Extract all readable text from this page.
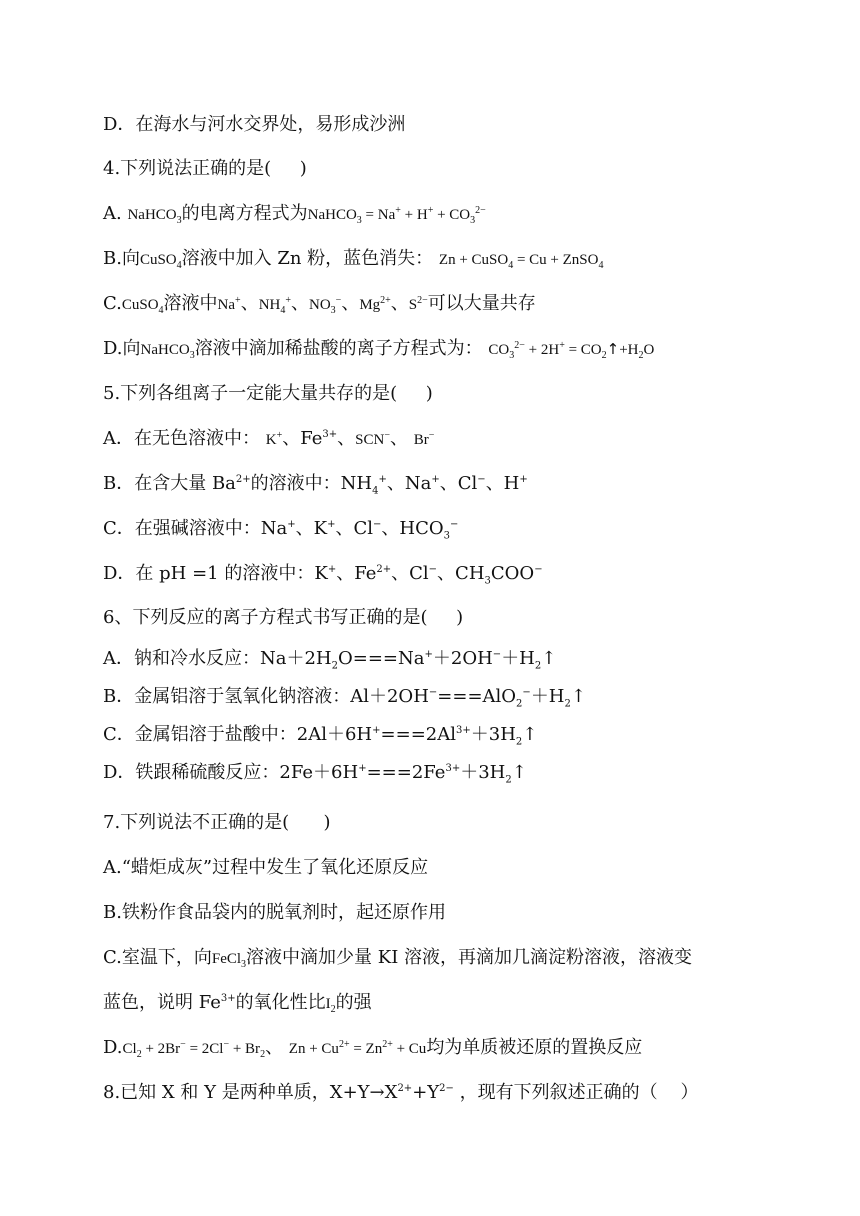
D．在海水与河水交界处，易形成沙洲
4.下列说法正确的是(     )
A. NaHCO$_3$的电离方程式为NaHCO$_3$ = $Na^+ + H^+ + CO_3^{2-}$
B.向CuSO$_4$溶液中加入 Zn 粉，蓝色消失： Zn + CuSO$_4$ = Cu + ZnSO$_4$
C.CuSO$_4$溶液中Na+、$NH_4^+$、$NO_3^-$、$Mg^{2+}$、$S^{2-}$可以大量共存
D.向NaHCO$_3$溶液中滴加稀盐酸的离子方程式为： $CO_3^{2-} + 2H^+$ = $CO_2↑+H_2O$
5.下列各组离子一定能大量共存的是(     )
A．在无色溶液中： K+、$Fe^{3+}$、SCN−、 Br−
B．在含大量 $Ba^{2+}$的溶液中：$NH_4^+$、Na+、Cl−、H+
C．在强碱溶液中：Na+、K+、Cl−、$HCO_3^-$
D．在 pH =1 的溶液中：K+、$Fe^{2+}$、Cl−、$CH_3COO^-$
6、下列反应的离子方程式书写正确的是(     )
A．钠和冷水反应：$Na+2H_2O===Na^++2OH^-+H_2↑$
B．金属铝溶于氢氧化钠溶液：$Al+2OH^-===AlO_2^-+H_2↑$
C．金属铝溶于盐酸中：$2Al+6H^+===2Al^{3+}+3H_2↑$
D．铁跟稀硫酸反应：$2Fe+6H^+===2Fe^{3+}+3H_2↑$
7.下列说法不正确的是(      )
A.“蜡炬成灰”过程中发生了氧化还原反应
B.铁粉作食品袋内的脱氧剂时，起还原作用
C.室温下，向FeCl$_3$溶液中滴加少量 KI 溶液，再滴加几滴淀粉溶液，溶液变
蓝色，说明 $Fe^{3+}$的氧化性比$I_2$的强
$D.Cl_2 + 2Br^- = 2Cl^- + Br_2$、 $Zn + Cu^{2+} = Zn^{2+} + Cu$均为单质被还原的置换反应
8.已知 X 和 Y 是两种单质，$X+Y\to X^{2+}+Y^{2-}$ ，现有下列叙述正确的（    ）
